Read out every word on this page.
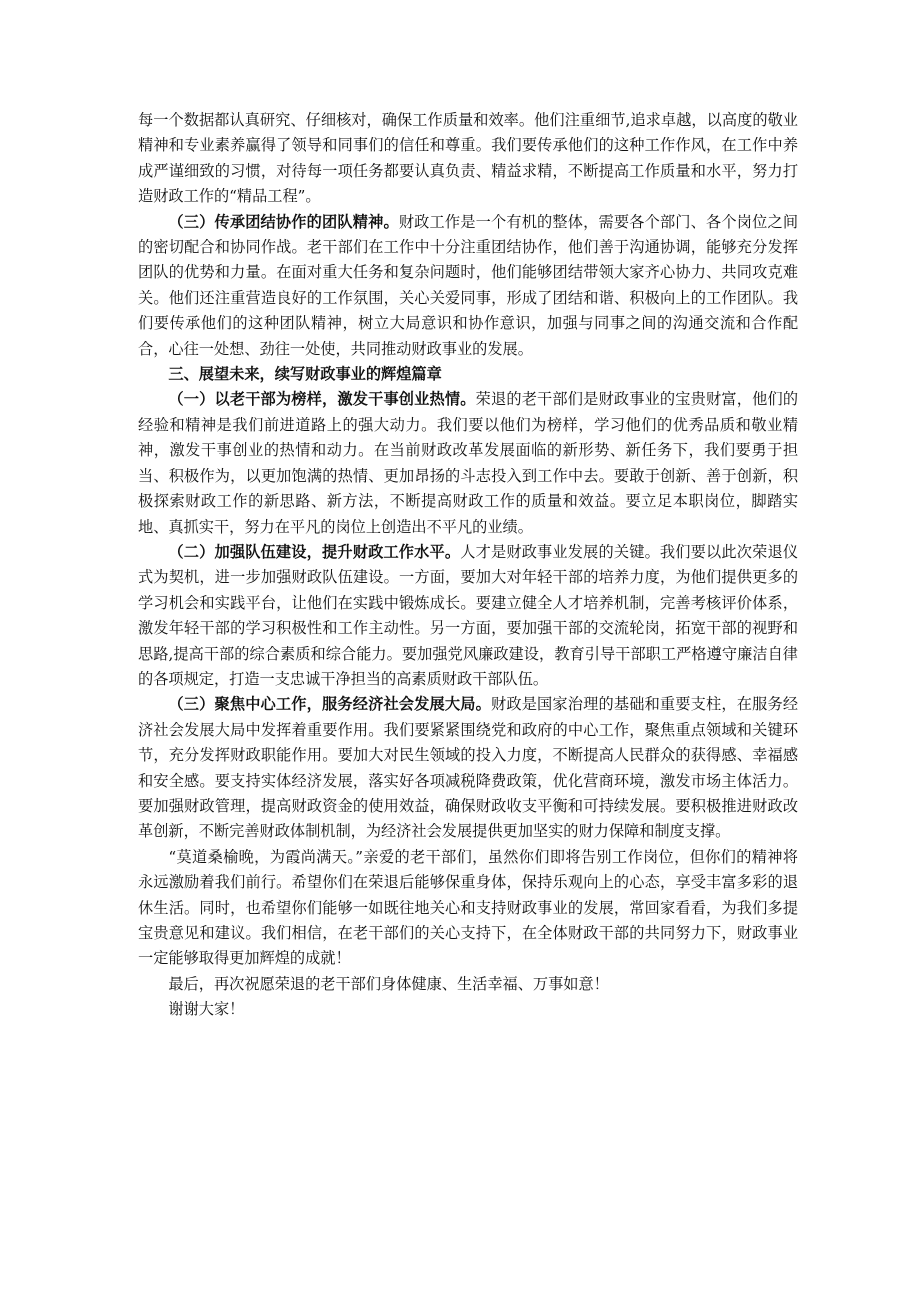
每一个数据都认真研究、仔细核对，确保工作质量和效率。他们注重细节,追求卓越，以高度的敬业精神和专业素养赢得了领导和同事们的信任和尊重。我们要传承他们的这种工作作风，在工作中养成严谨细致的习惯，对待每一项任务都要认真负责、精益求精，不断提高工作质量和水平，努力打造财政工作的“精品工程”。

（三）传承团结协作的团队精神。财政工作是一个有机的整体，需要各个部门、各个岗位之间的密切配合和协同作战。老干部们在工作中十分注重团结协作，他们善于沟通协调，能够充分发挥团队的优势和力量。在面对重大任务和复杂问题时，他们能够团结带领大家齐心协力、共同攻克难关。他们还注重营造良好的工作氛围，关心关爱同事，形成了团结和谐、积极向上的工作团队。我们要传承他们的这种团队精神，树立大局意识和协作意识，加强与同事之间的沟通交流和合作配合，心往一处想、劲往一处使，共同推动财政事业的发展。

三、展望未来，续写财政事业的辉煌篇章

（一）以老干部为榜样，激发干事创业热情。荣退的老干部们是财政事业的宝贵财富，他们的经验和精神是我们前进道路上的强大动力。我们要以他们为榜样，学习他们的优秀品质和敬业精神，激发干事创业的热情和动力。在当前财政改革发展面临的新形势、新任务下，我们要勇于担当、积极作为，以更加饱满的热情、更加昂扬的斗志投入到工作中去。要敢于创新、善于创新，积极探索财政工作的新思路、新方法，不断提高财政工作的质量和效益。要立足本职岗位，脚踏实地、真抓实干，努力在平凡的岗位上创造出不平凡的业绩。

（二）加强队伍建设，提升财政工作水平。人才是财政事业发展的关键。我们要以此次荣退仪式为契机，进一步加强财政队伍建设。一方面，要加大对年轻干部的培养力度，为他们提供更多的学习机会和实践平台，让他们在实践中锻炼成长。要建立健全人才培养机制，完善考核评价体系，激发年轻干部的学习积极性和工作主动性。另一方面，要加强干部的交流轮岗，拓宽干部的视野和思路,提高干部的综合素质和综合能力。要加强党风廉政建设，教育引导干部职工严格遵守廉洁自律的各项规定，打造一支忠诚干净担当的高素质财政干部队伍。

（三）聚焦中心工作，服务经济社会发展大局。财政是国家治理的基础和重要支柱，在服务经济社会发展大局中发挥着重要作用。我们要紧紧围绕党和政府的中心工作，聚焦重点领域和关键环节，充分发挥财政职能作用。要加大对民生领域的投入力度，不断提高人民群众的获得感、幸福感和安全感。要支持实体经济发展，落实好各项减税降费政策，优化营商环境，激发市场主体活力。要加强财政管理，提高财政资金的使用效益，确保财政收支平衡和可持续发展。要积极推进财政改革创新，不断完善财政体制机制，为经济社会发展提供更加坚实的财力保障和制度支撑。

“莫道桑榆晚，为霞尚满天。”亲爱的老干部们，虽然你们即将告别工作岗位，但你们的精神将永远激励着我们前行。希望你们在荣退后能够保重身体，保持乐观向上的心态，享受丰富多彩的退休生活。同时，也希望你们能够一如既往地关心和支持财政事业的发展，常回家看看，为我们多提宝贵意见和建议。我们相信，在老干部们的关心支持下，在全体财政干部的共同努力下，财政事业一定能够取得更加辉煌的成就！

最后，再次祝愿荣退的老干部们身体健康、生活幸福、万事如意！

谢谢大家！
